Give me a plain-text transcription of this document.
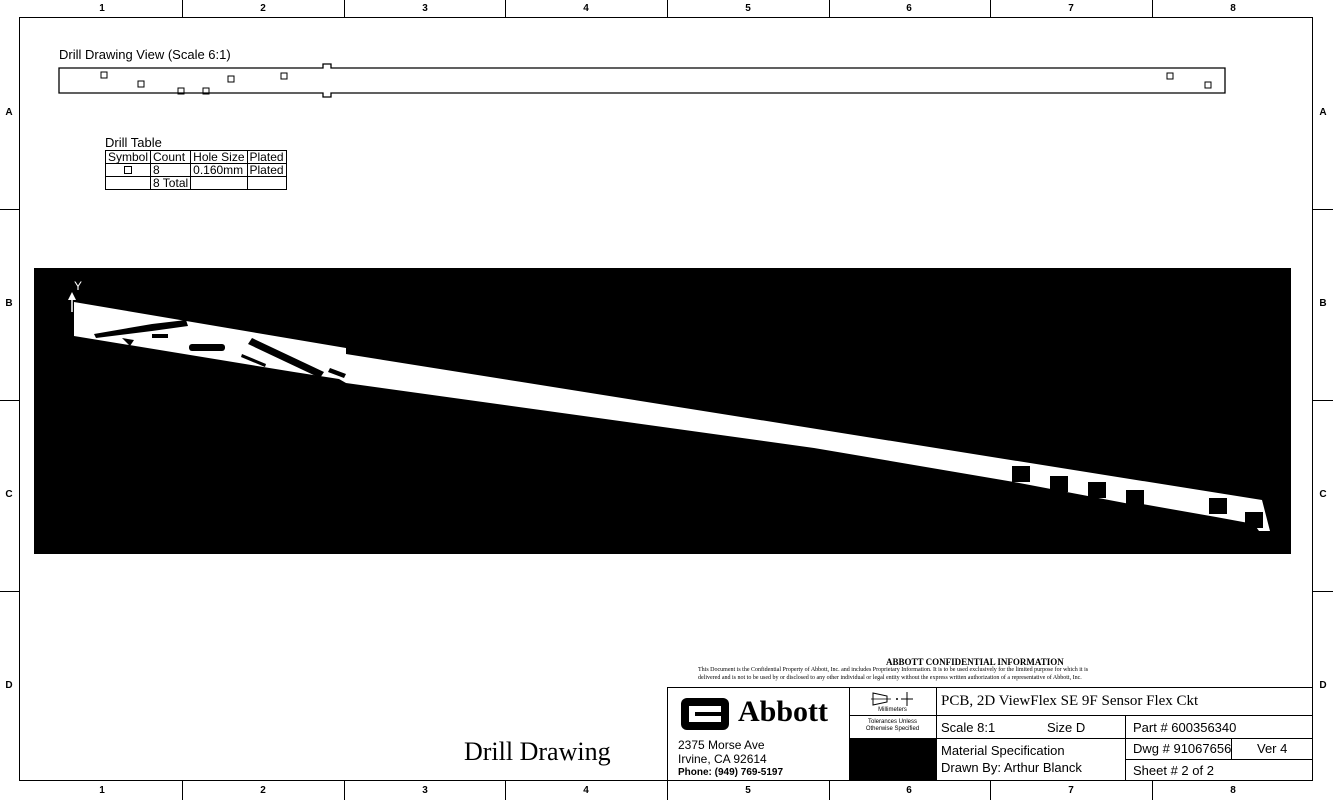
1	2	3	4	5	6	7	8
1	2	3	4	5	6	7	8
A
B
C
D
A
B
C
D
Drill Drawing View (Scale 6:1)
Drill Table
Symbol	Count	Hole Size	Plated
	8	0.160mm	Plated
	8 Total		
Y
ABBOTT CONFIDENTIAL INFORMATION
This Document is the Confidential Property of Abbott, Inc. and includes Proprietary Information. It is to be used exclusively for the limited purpose for which it is
delivered and is not to be used by or disclosed to any other individual or legal entity without the express written authorization of a representative of Abbott, Inc.
Drill Drawing
Abbott
2375 Morse Ave
Irvine, CA 92614
Phone: (949) 769-5197
Millimeters
Tolerances Unless
Otherwise Specified
PCB, 2D ViewFlex SE 9F Sensor Flex Ckt
Scale 8:1	Size D	Part # 600356340
Material Specification
Drawn By: Arthur Blanck
Dwg # 91067656 Ver 4
Sheet # 2 of 2
